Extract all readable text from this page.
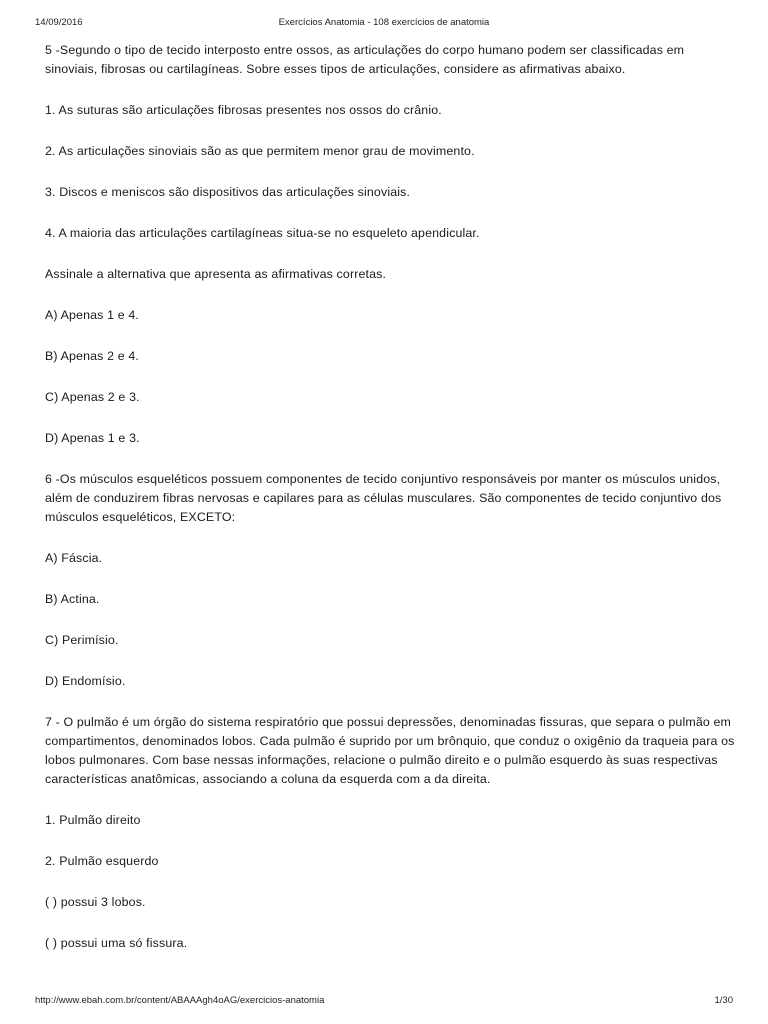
14/09/2016	Exercícios Anatomia - 108 exercícios de anatomia

5 -Segundo o tipo de tecido interposto entre ossos, as articulações do corpo humano podem ser classificadas em sinoviais, fibrosas ou cartilagíneas. Sobre esses tipos de articulações, considere as afirmativas abaixo.

1. As suturas são articulações fibrosas presentes nos ossos do crânio.

2. As articulações sinoviais são as que permitem menor grau de movimento.

3. Discos e meniscos são dispositivos das articulações sinoviais.

4. A maioria das articulações cartilagíneas situa-se no esqueleto apendicular.

Assinale a alternativa que apresenta as afirmativas corretas.

A) Apenas 1 e 4.

B) Apenas 2 e 4.

C) Apenas 2 e 3.

D) Apenas 1 e 3.

6 -Os músculos esqueléticos possuem componentes de tecido conjuntivo responsáveis por manter os músculos unidos, além de conduzirem fibras nervosas e capilares para as células musculares. São componentes de tecido conjuntivo dos músculos esqueléticos, EXCETO:

A) Fáscia.

B) Actina.

C) Perimísio.

D) Endomísio.

7 - O pulmão é um órgão do sistema respiratório que possui depressões, denominadas fissuras, que separa o pulmão em compartimentos, denominados lobos. Cada pulmão é suprido por um brônquio, que conduz o oxigênio da traqueia para os lobos pulmonares. Com base nessas informações, relacione o pulmão direito e o pulmão esquerdo às suas respectivas características anatômicas, associando a coluna da esquerda com a da direita.

1. Pulmão direito

2. Pulmão esquerdo

( ) possui 3 lobos.

( ) possui uma só fissura.

http://www.ebah.com.br/content/ABAAAgh4oAG/exercicios-anatomia	1/30
